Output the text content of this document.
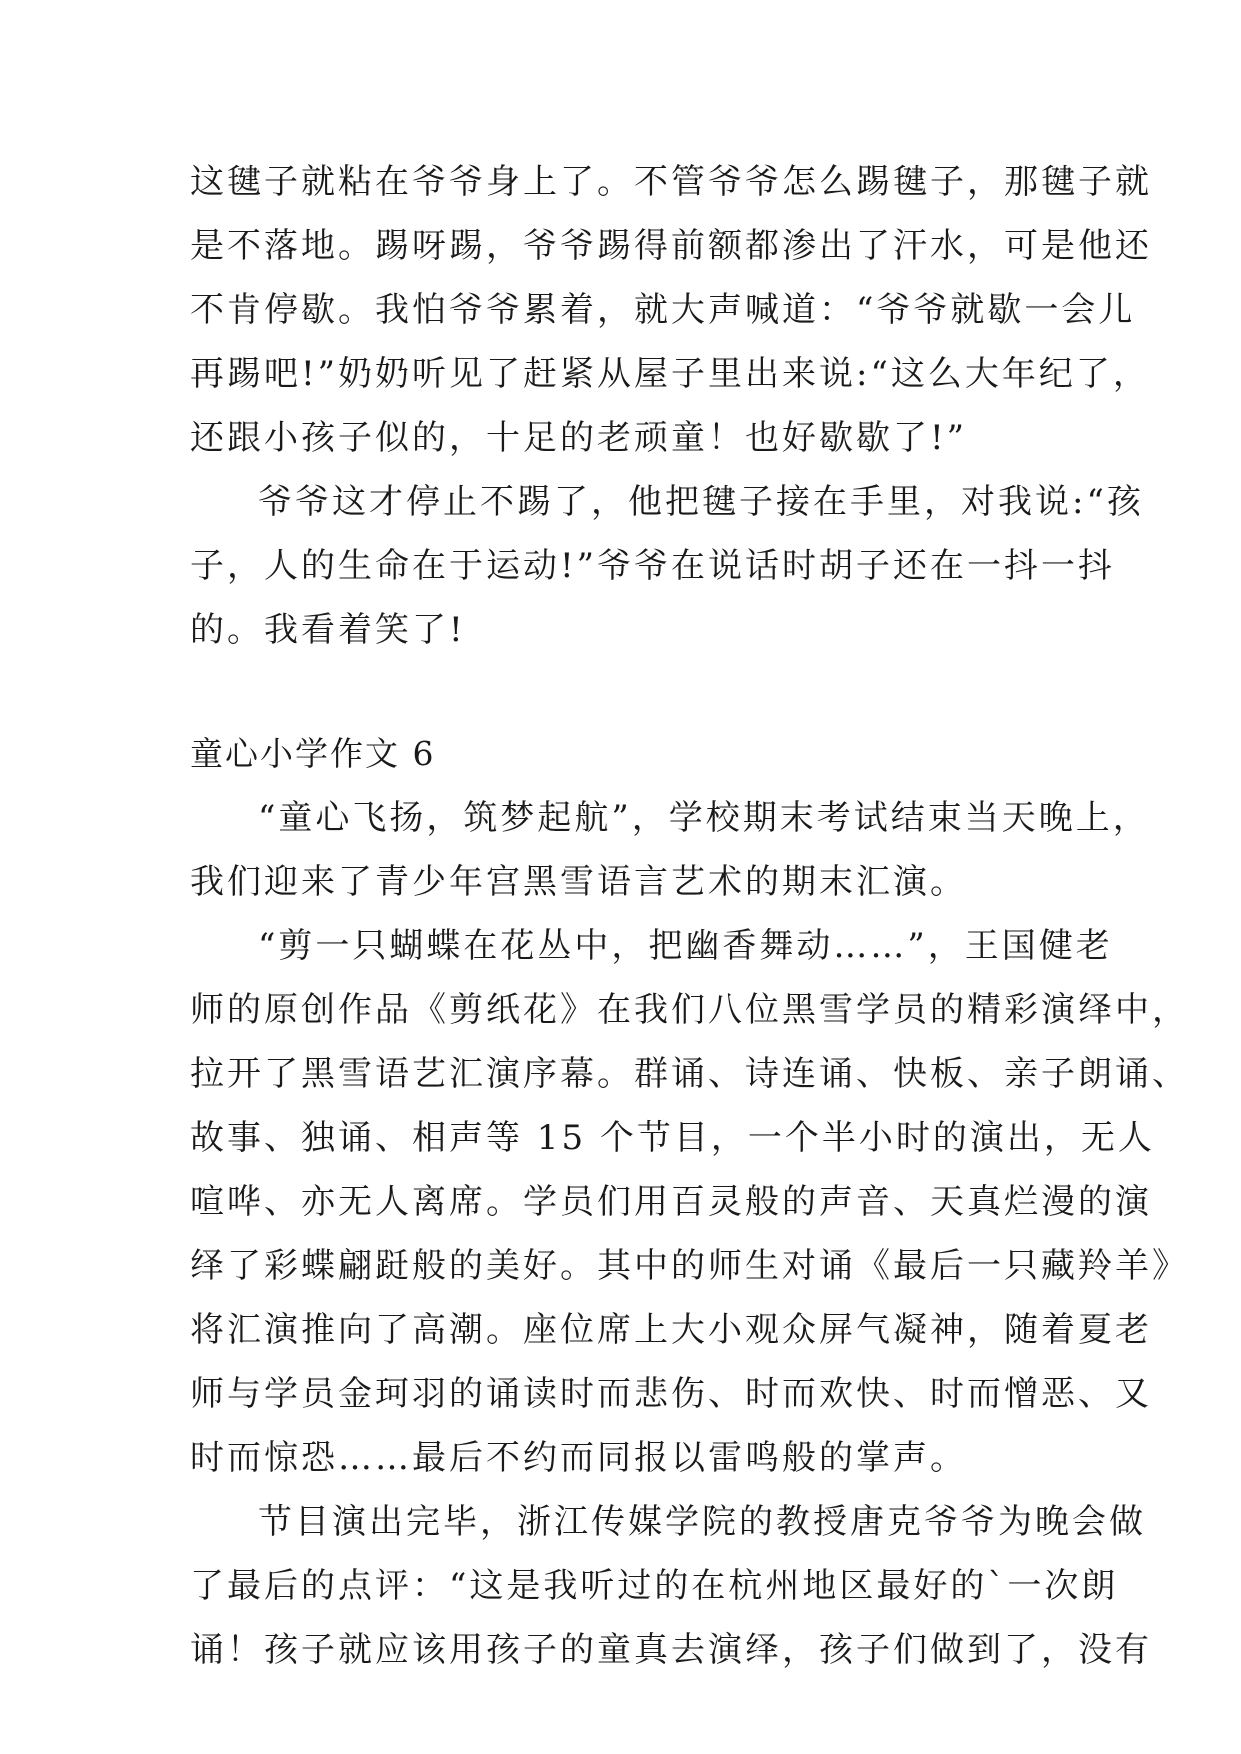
这毽子就粘在爷爷身上了。不管爷爷怎么踢毽子，那毽子就
是不落地。踢呀踢，爷爷踢得前额都渗出了汗水，可是他还
不肯停歇。我怕爷爷累着，就大声喊道：“爷爷就歇一会儿
再踢吧!”奶奶听见了赶紧从屋子里出来说:“这么大年纪了，
还跟小孩子似的，十足的老顽童！也好歇歇了!”
爷爷这才停止不踢了，他把毽子接在手里，对我说:“孩
子，人的生命在于运动!”爷爷在说话时胡子还在一抖一抖
的。我看着笑了!
童心小学作文 6
“童心飞扬，筑梦起航”，学校期末考试结束当天晚上，
我们迎来了青少年宫黑雪语言艺术的期末汇演。
“剪一只蝴蝶在花丛中，把幽香舞动……”，王国健老
师的原创作品《剪纸花》在我们八位黑雪学员的精彩演绎中，
拉开了黑雪语艺汇演序幕。群诵、诗连诵、快板、亲子朗诵、
故事、独诵、相声等 15 个节目，一个半小时的演出，无人
喧哗、亦无人离席。学员们用百灵般的声音、天真烂漫的演
绎了彩蝶翩跹般的美好。其中的师生对诵《最后一只藏羚羊》
将汇演推向了高潮。座位席上大小观众屏气凝神，随着夏老
师与学员金珂羽的诵读时而悲伤、时而欢快、时而憎恶、又
时而惊恐……最后不约而同报以雷鸣般的掌声。
节目演出完毕，浙江传媒学院的教授唐克爷爷为晚会做
了最后的点评：“这是我听过的在杭州地区最好的`一次朗
诵！孩子就应该用孩子的童真去演绎，孩子们做到了，没有
